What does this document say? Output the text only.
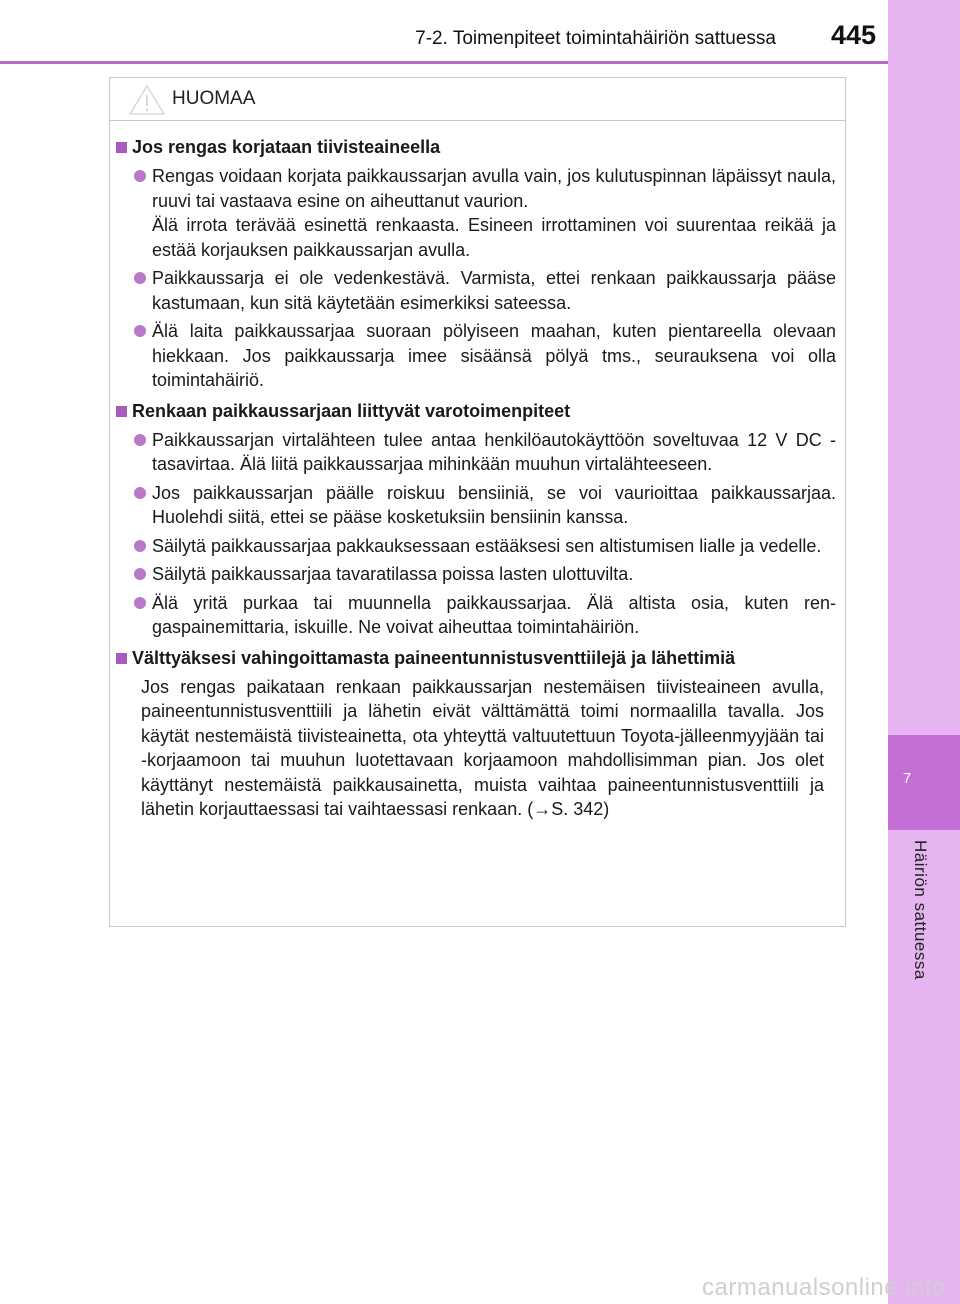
7-2. Toimenpiteet toimintahäiriön sattuessa 445
7
Häiriön sattuessa
HUOMAA
Jos rengas korjataan tiivisteaineella

Rengas voidaan korjata paikkaussarjan avulla vain, jos kulutuspinnan läpäissyt naula, ruuvi tai vastaava esine on aiheuttanut vaurion.

Älä irrota terävää esinettä renkaasta. Esineen irrottaminen voi suurentaa reikää ja estää korjauksen paikkaussarjan avulla.

Paikkaussarja ei ole vedenkestävä. Varmista, ettei renkaan paikkaussarja pääse kastumaan, kun sitä käytetään esimerkiksi sateessa.

Älä laita paikkaussarjaa suoraan pölyiseen maahan, kuten pientareella olevaan hiekkaan. Jos paikkaussarja imee sisäänsä pölyä tms., seurauksena voi olla toimintahäiriö.

Renkaan paikkaussarjaan liittyvät varotoimenpiteet

Paikkaussarjan virtalähteen tulee antaa henkilöautokäyttöön soveltuvaa 12 V DC -tasavirtaa. Älä liitä paikkaussarjaa mihinkään muuhun virtalähteeseen.

Jos paikkaussarjan päälle roiskuu bensiiniä, se voi vaurioittaa paikkaussarjaa. Huolehdi siitä, ettei se pääse kosketuksiin bensiinin kanssa.

Säilytä paikkaussarjaa pakkauksessaan estääksesi sen altistumisen lialle ja vedelle.

Säilytä paikkaussarjaa tavaratilassa poissa lasten ulottuvilta.

Älä yritä purkaa tai muunnella paikkaussarjaa. Älä altista osia, kuten rengaspainemittaria, iskuille. Ne voivat aiheuttaa toimintahäiriön.

Välttyäksesi vahingoittamasta paineentunnistusventtiilejä ja lähettimiä
Jos rengas paikataan renkaan paikkaussarjan nestemäisen tiivisteaineen avulla, paineentunnistusventtiili ja lähetin eivät välttämättä toimi normaalilla tavalla. Jos käytät nestemäistä tiivisteainetta, ota yhteyttä valtuutettuun Toyota-jälleenmyyjään tai -korjaamoon tai muuhun luotettavaan korjaamoon mahdollisimman pian. Jos olet käyttänyt nestemäistä paikkausainetta, muista vaihtaa paineentunnistusventtiili ja lähetin korjauttaessasi tai vaihtaessasi renkaan. (→S. 342)
carmanualsonline.info
